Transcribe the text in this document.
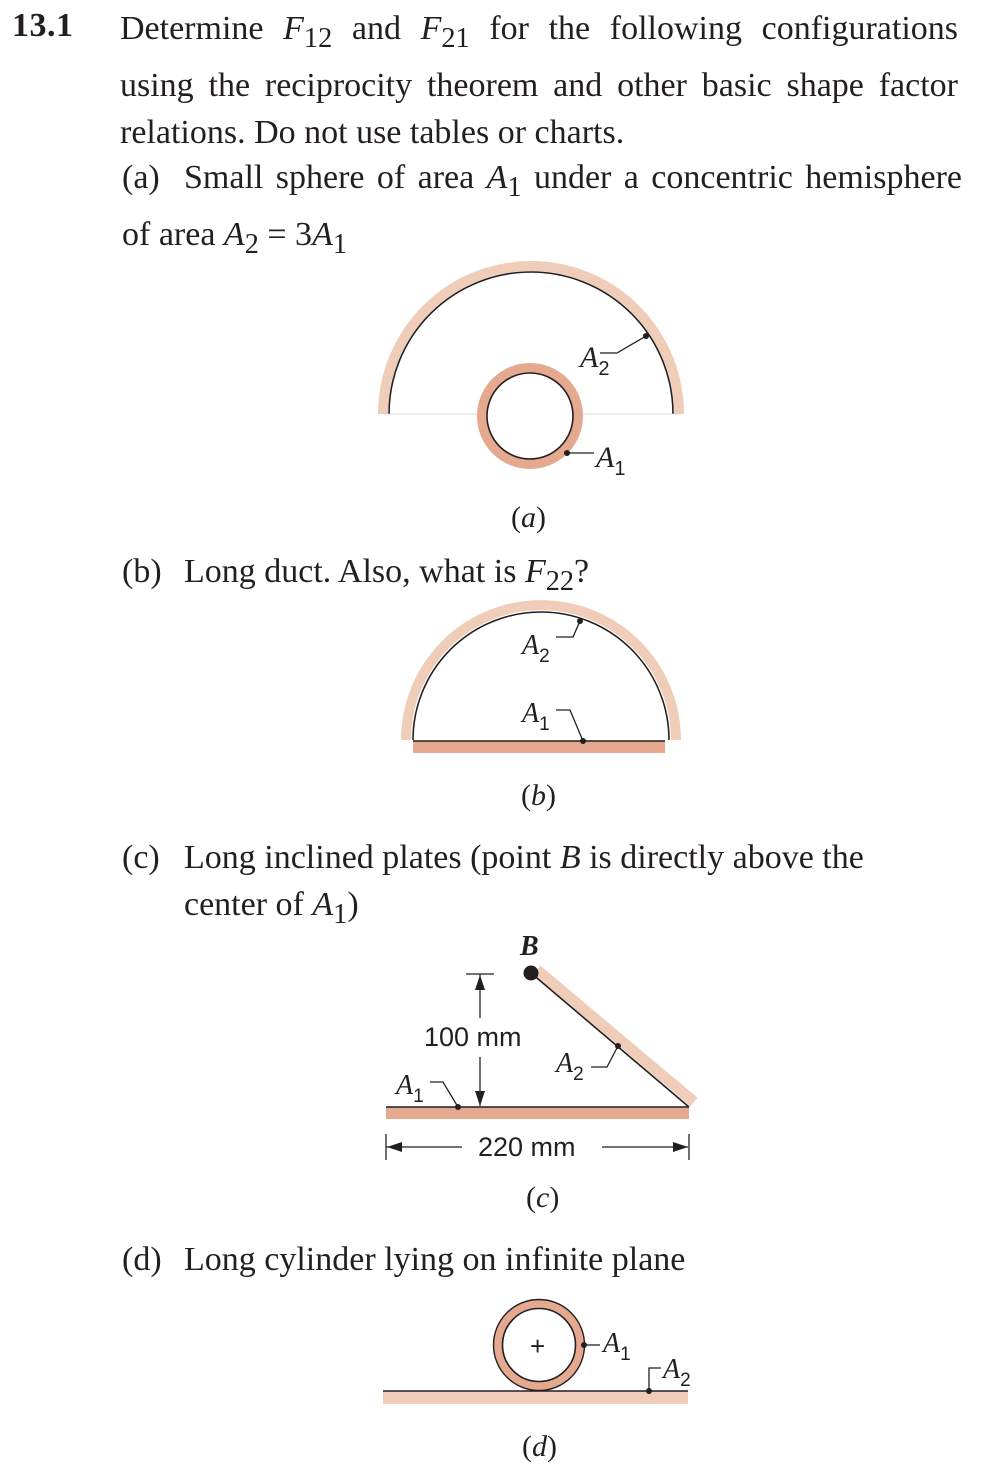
13.1 Determine $F_{12}$ and $F_{21}$ for the following configurations using the reciprocity theorem and other basic shape factor relations. Do not use tables or charts.
(a) Small sphere of area $A_1$ under a concentric hemisphere of area $A_2 = 3A_1$
(b) Long duct. Also, what is $F_{22}$?
(c) Long inclined plates (point B is directly above the
center of $A_1$)
(d) Long cylinder lying on infinite plane
$A_2$
$A_1$
(a)
$A_2$
$A_1$
(b)
B
100 mm
$A_2$
$A_1$
220 mm
(c)
+ $A_1$ $A_2$
(d)
